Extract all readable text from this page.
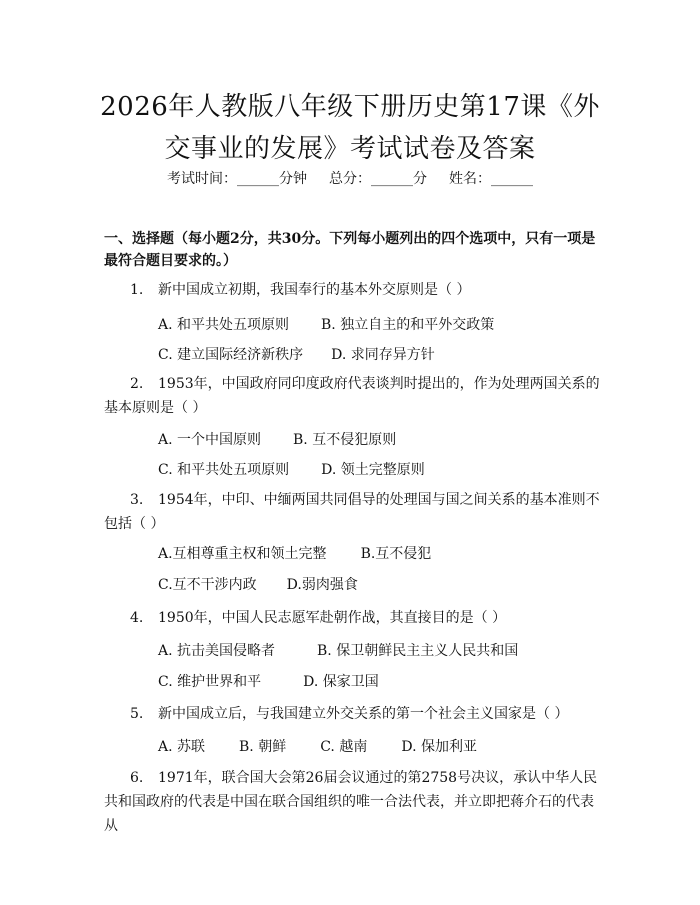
2026年人教版八年级下册历史第17课《外
交事业的发展》考试试卷及答案
考试时间：______分钟 总分：______分 姓名：______
一、选择题（每小题2分，共30分。下列每小题列出的四个选项中，只有一项是
最符合题目要求的。）
1. 新中国成立初期，我国奉行的基本外交原则是（ ）
A. 和平共处五项原则 B. 独立自主的和平外交政策
C. 建立国际经济新秩序 D. 求同存异方针
2. 1953年，中国政府同印度政府代表谈判时提出的，作为处理两国关系的
基本原则是（ ）
A. 一个中国原则 B. 互不侵犯原则
C. 和平共处五项原则 D. 领土完整原则
3. 1954年，中印、中缅两国共同倡导的处理国与国之间关系的基本准则不
包括（ ）
A.互相尊重主权和领土完整 B.互不侵犯
C.互不干涉内政 D.弱肉强食
4. 1950年，中国人民志愿军赴朝作战，其直接目的是（ ）
A. 抗击美国侵略者	B. 保卫朝鲜民主主义人民共和国
C. 维护世界和平	D. 保家卫国
5. 新中国成立后，与我国建立外交关系的第一个社会主义国家是（ ）
A. 苏联 B. 朝鲜 C. 越南 D. 保加利亚
6. 1971年，联合国大会第26届会议通过的第2758号决议，承认中华人民
共和国政府的代表是中国在联合国组织的唯一合法代表，并立即把蒋介石的代表从
